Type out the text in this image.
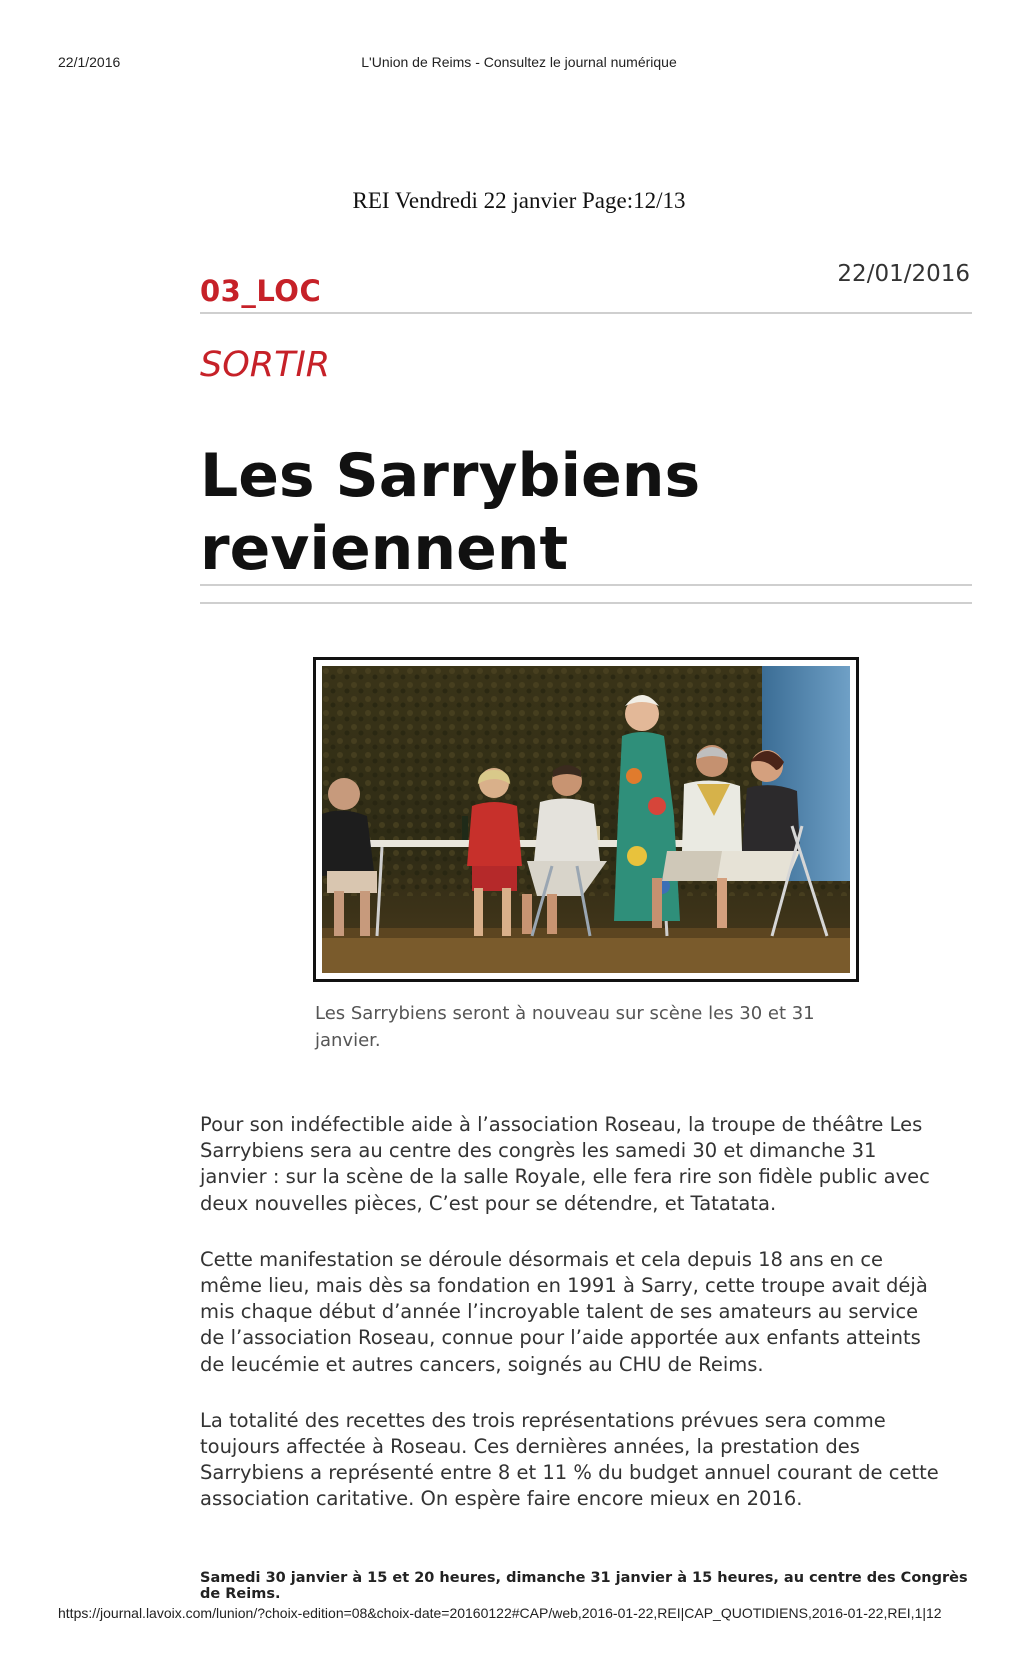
22/1/2016	L'Union de Reims - Consultez le journal numérique
REI Vendredi 22 janvier Page:12/13
03_LOC	22/01/2016
SORTIR
Les Sarrybiens
reviennent
Les Sarrybiens seront à nouveau sur scène les 30 et 31 janvier.

Pour son indéfectible aide à l’association Roseau, la troupe de théâtre Les Sarrybiens sera au centre des congrès les samedi 30 et dimanche 31 janvier : sur la scène de la salle Royale, elle fera rire son fidèle public avec deux nouvelles pièces, C’est pour se détendre, et Tatatata.

Cette manifestation se déroule désormais et cela depuis 18 ans en ce même lieu, mais dès sa fondation en 1991 à Sarry, cette troupe avait déjà mis chaque début d’année l’incroyable talent de ses amateurs au service de l’association Roseau, connue pour l’aide apportée aux enfants atteints de leucémie et autres cancers, soignés au CHU de Reims.

La totalité des recettes des trois représentations prévues sera comme toujours affectée à Roseau. Ces dernières années, la prestation des Sarrybiens a représenté entre 8 et 11 % du budget annuel courant de cette association caritative. On espère faire encore mieux en 2016.

Samedi 30 janvier à 15 et 20 heures, dimanche 31 janvier à 15 heures, au centre des Congrès de Reims.
https://journal.lavoix.com/lunion/?choix-edition=08&choix-date=20160122#CAP/web,2016-01-22,REI|CAP_QUOTIDIENS,2016-01-22,REI,1|12
